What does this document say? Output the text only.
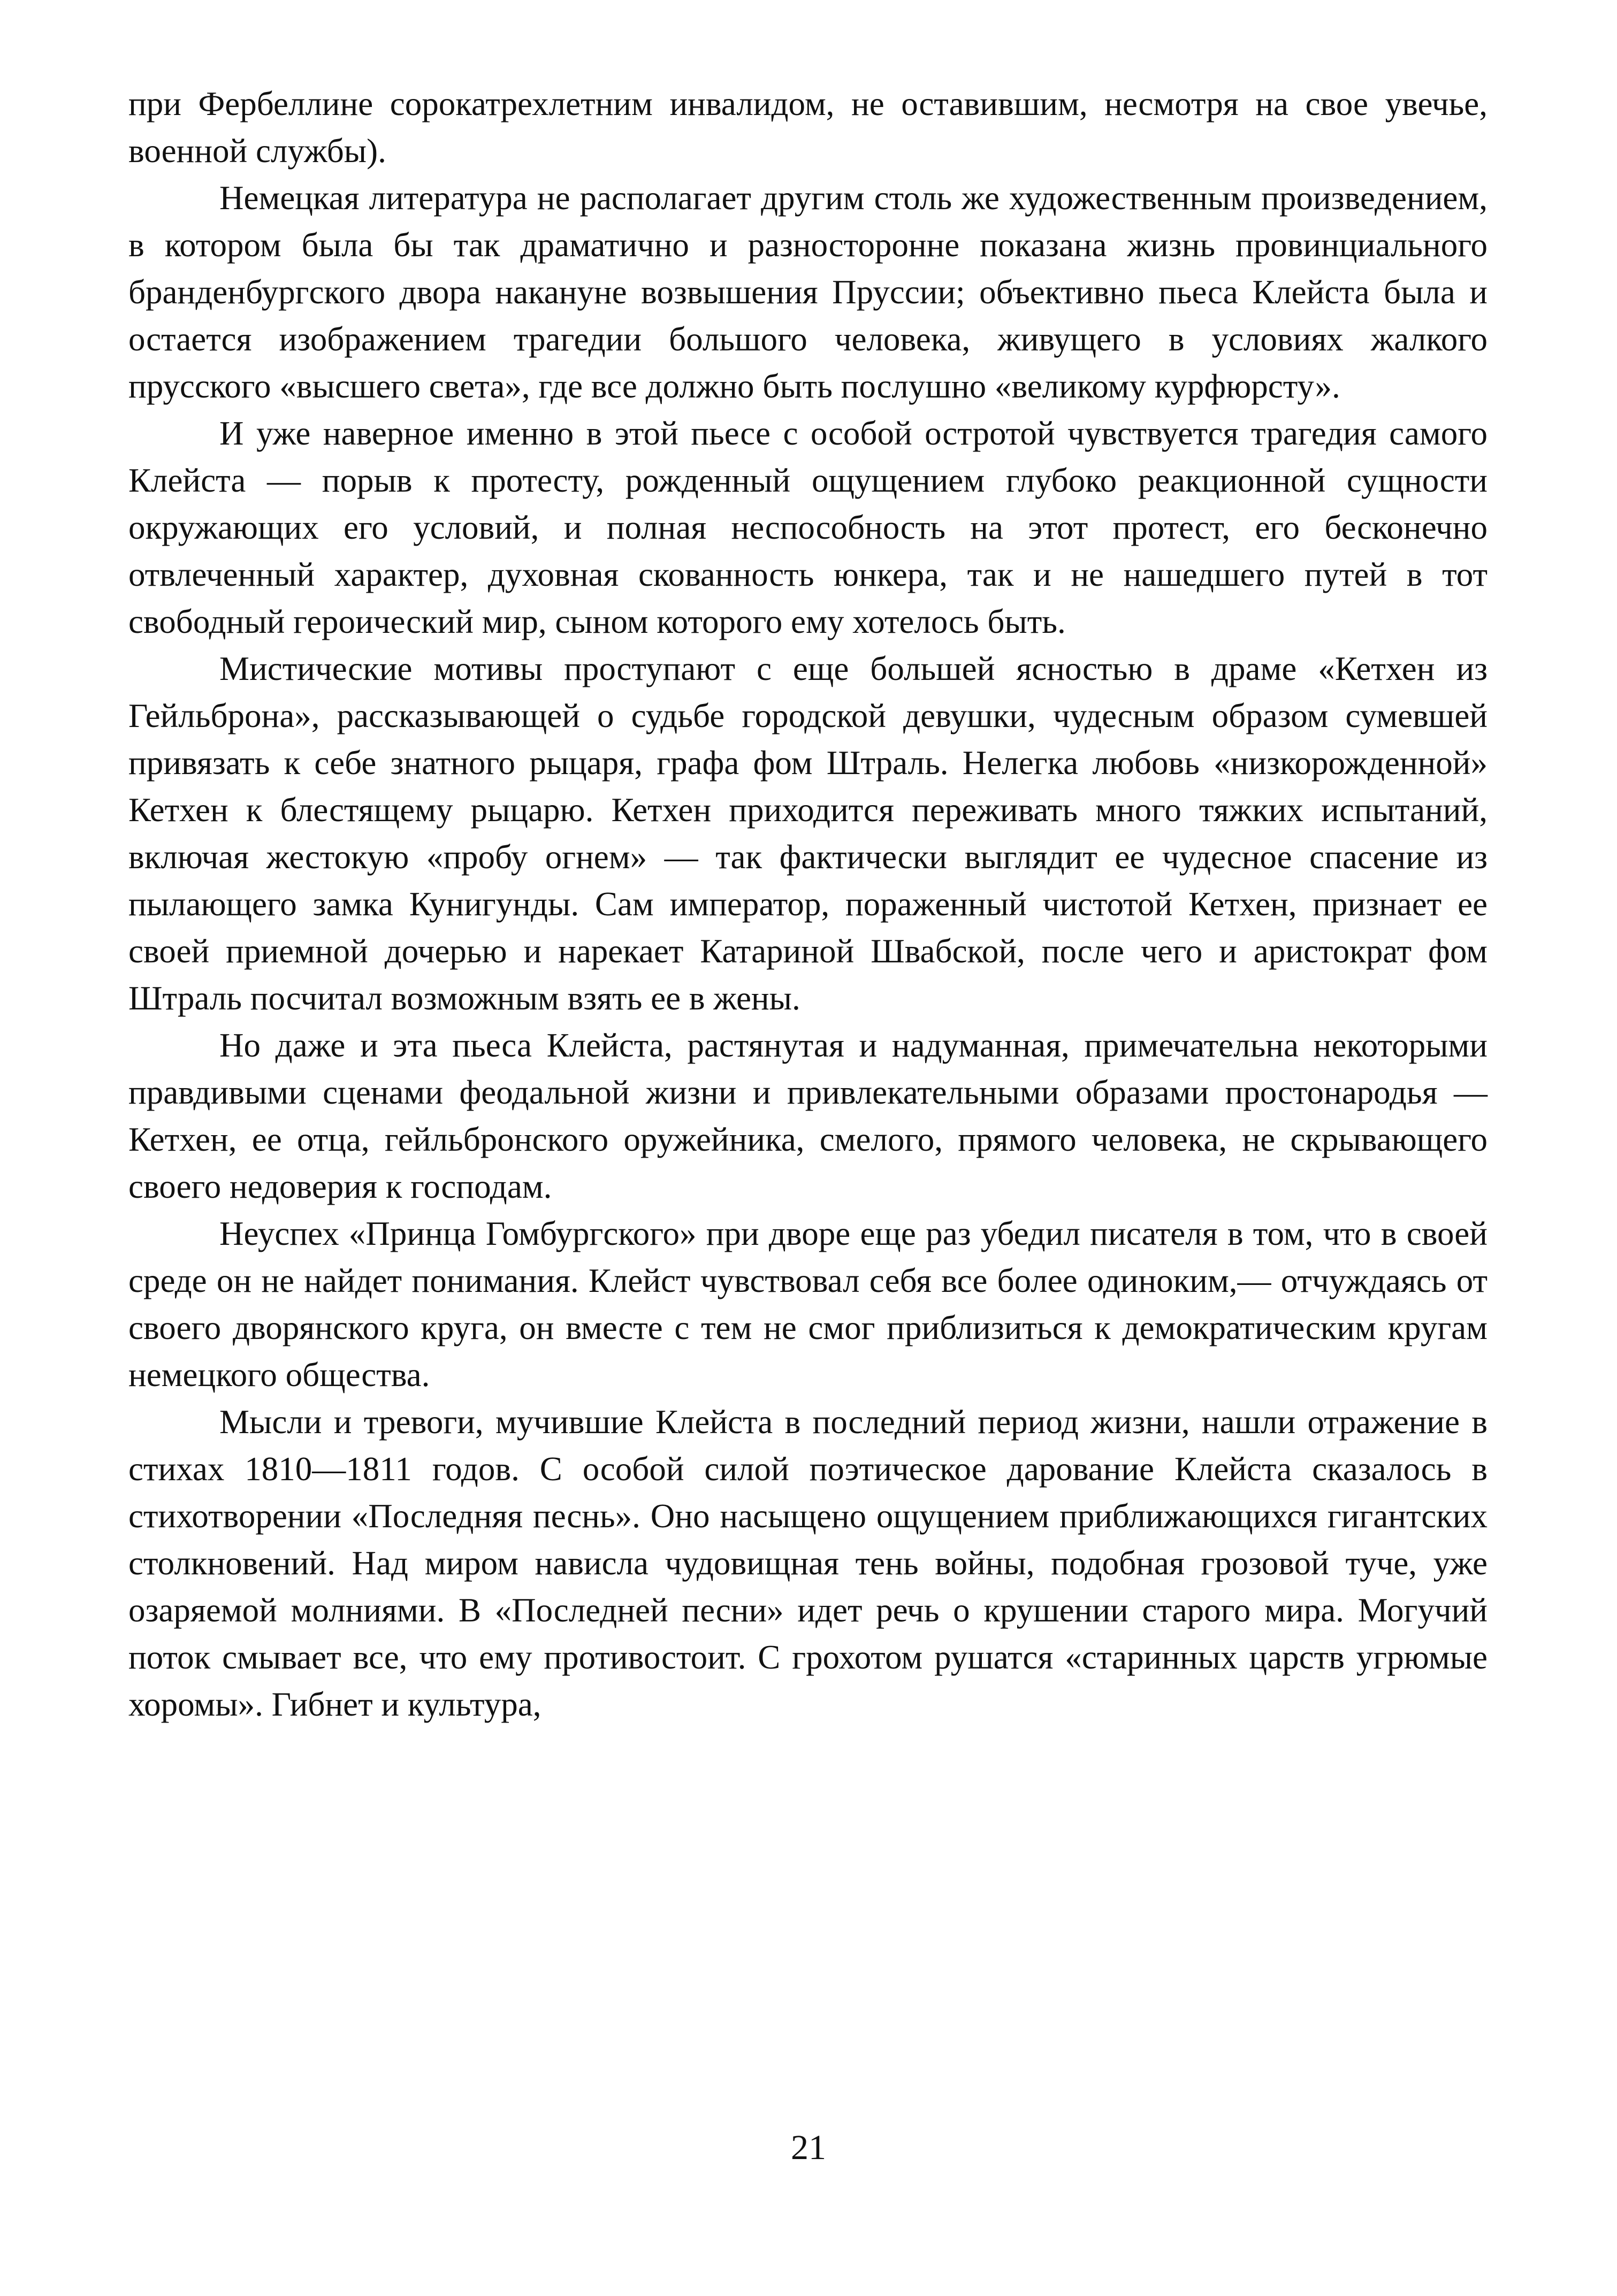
при Фербеллине сорокатрехлетним инвалидом, не оставившим, несмотря на свое увечье, военной службы).

Немецкая литература не располагает другим столь же художественным произведением, в котором была бы так драматично и разносторонне показана жизнь провинциального бранденбургского двора накануне возвышения Пруссии; объективно пьеса Клейста была и остается изображением трагедии большого человека, живущего в условиях жалкого прусского «высшего света», где все должно быть послушно «великому курфюрсту».

И уже наверное именно в этой пьесе с особой остротой чувствуется трагедия самого Клейста — порыв к протесту, рожденный ощущением глубоко реакционной сущности окружающих его условий, и полная неспособность на этот протест, его бесконечно отвлеченный характер, духовная скованность юнкера, так и не нашедшего путей в тот свободный героический мир, сыном которого ему хотелось быть.

Мистические мотивы проступают с еще большей ясностью в драме «Кетхен из Гейльброна», рассказывающей о судьбе городской девушки, чудесным образом сумевшей привязать к себе знатного рыцаря, графа фом Штраль. Нелегка любовь «низкорожденной» Кетхен к блестящему рыцарю. Кетхен приходится переживать много тяжких испытаний, включая жестокую «пробу огнем» — так фактически выглядит ее чудесное спасение из пылающего замка Кунигунды. Сам император, пораженный чистотой Кетхен, признает ее своей приемной дочерью и нарекает Катариной Швабской, после чего и аристократ фом Штраль посчитал возможным взять ее в жены.

Но даже и эта пьеса Клейста, растянутая и надуманная, примечательна некоторыми правдивыми сценами феодальной жизни и привлекательными образами простонародья — Кетхен, ее отца, гейльбронского оружейника, смелого, прямого человека, не скрывающего своего недоверия к господам.

Неуспех «Принца Гомбургского» при дворе еще раз убедил писателя в том, что в своей среде он не найдет понимания. Клейст чувствовал себя все более одиноким,— отчуждаясь от своего дворянского круга, он вместе с тем не смог приблизиться к демократическим кругам немецкого общества.

Мысли и тревоги, мучившие Клейста в последний период жизни, нашли отражение в стихах 1810—1811 годов. С особой силой поэтическое дарование Клейста сказалось в стихотворении «Последняя песнь». Оно насыщено ощущением приближающихся гигантских столкновений. Над миром нависла чудовищная тень войны, подобная грозовой туче, уже озаряемой молниями. В «Последней песни» идет речь о крушении старого мира. Могучий поток смывает все, что ему противостоит. С грохотом рушатся «старинных царств угрюмые хоромы». Гибнет и культура,

21
